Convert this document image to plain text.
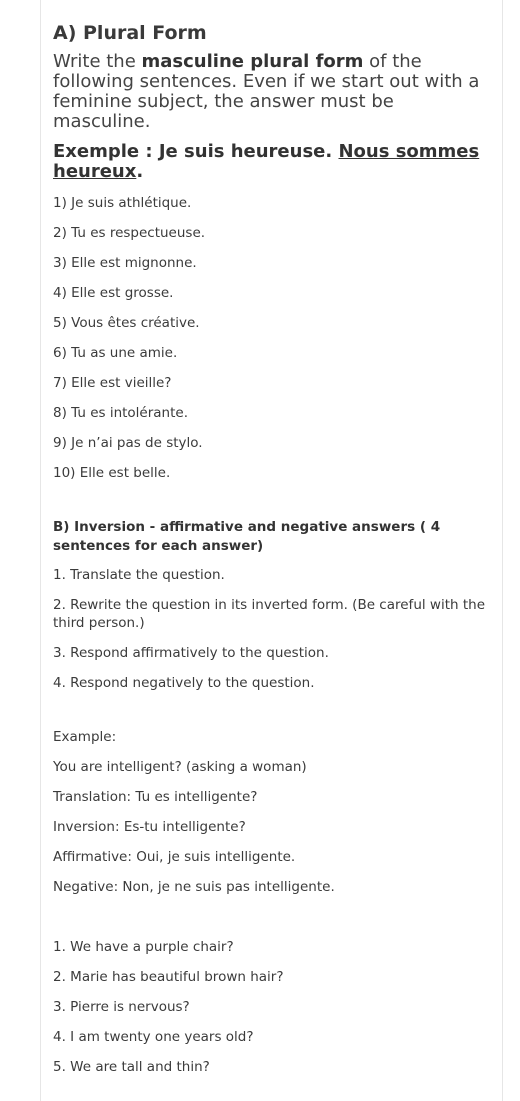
A) Plural Form
Write the masculine plural form of the following sentences. Even if we start out with a feminine subject, the answer must be masculine.
Exemple : Je suis heureuse. Nous sommes heureux.
1) Je suis athlétique.
2) Tu es respectueuse.
3) Elle est mignonne.
4) Elle est grosse.
5) Vous êtes créative.
6) Tu as une amie.
7) Elle est vieille?
8) Tu es intolérante.
9) Je n’ai pas de stylo.
10) Elle est belle.
B) Inversion - affirmative and negative answers ( 4 sentences for each answer)
1. Translate the question.
2. Rewrite the question in its inverted form. (Be careful with the third person.)
3. Respond affirmatively to the question.
4. Respond negatively to the question.
Example:
You are intelligent? (asking a woman)
Translation: Tu es intelligente?
Inversion: Es-tu intelligente?
Affirmative: Oui, je suis intelligente.
Negative: Non, je ne suis pas intelligente.
1. We have a purple chair?
2. Marie has beautiful brown hair?
3. Pierre is nervous?
4. I am twenty one years old?
5. We are tall and thin?
